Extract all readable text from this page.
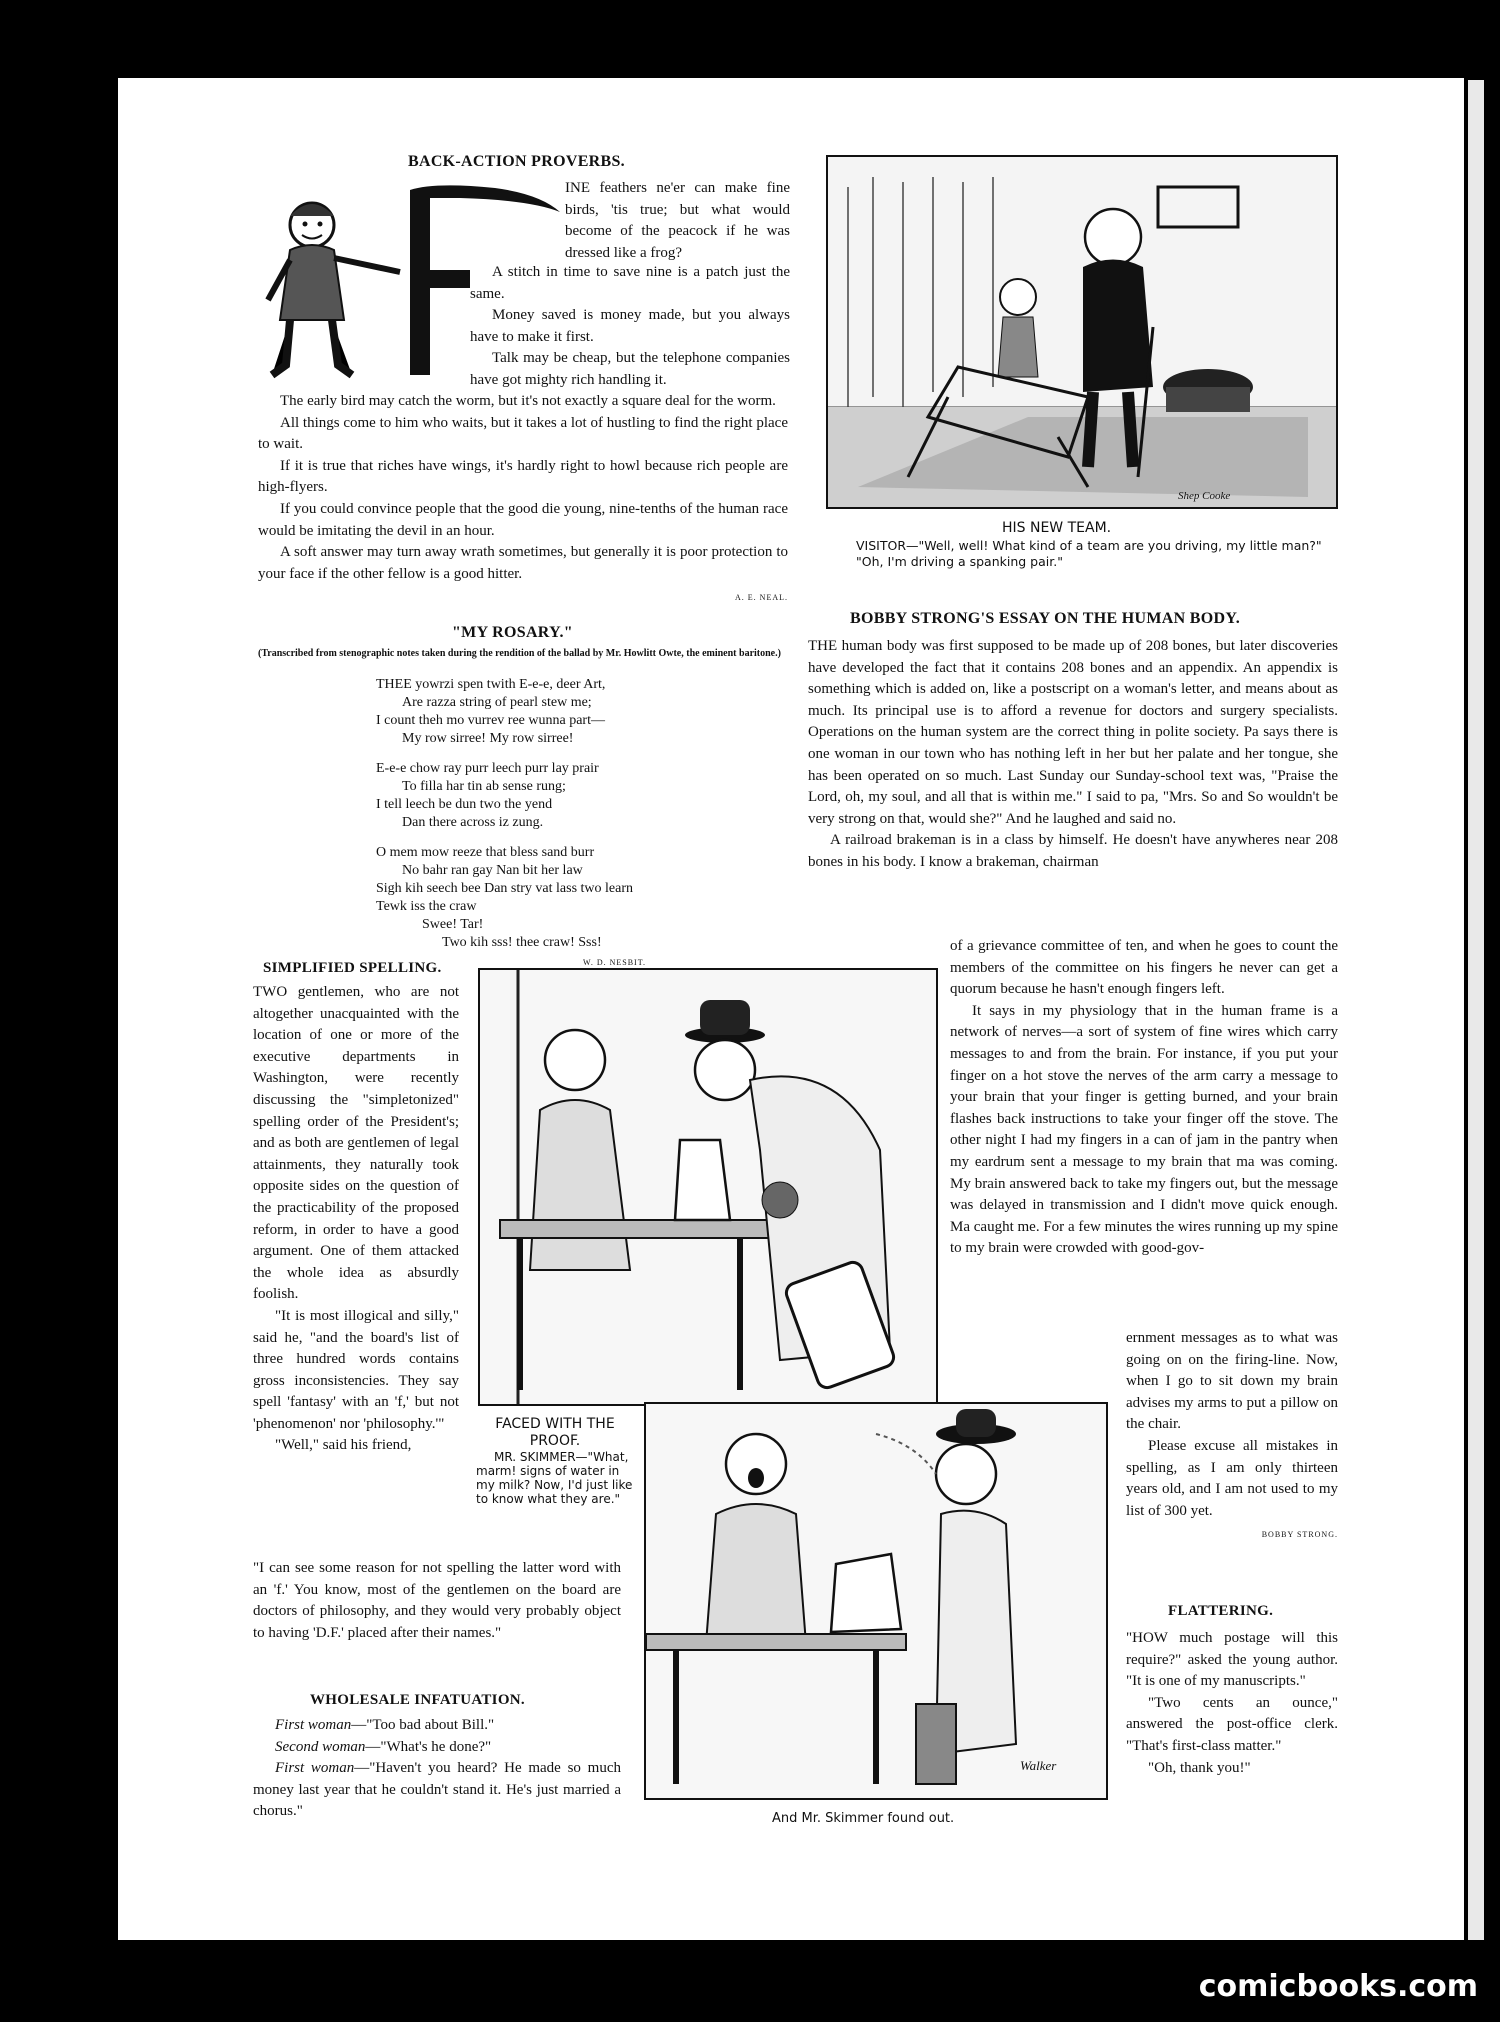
BACK-ACTION PROVERBS.

INE feathers ne'er can make fine birds, 'tis true; but what would become of the peacock if he was dressed like a frog?

A stitch in time to save nine is a patch just the same.

Money saved is money made, but you always have to make it first.

Talk may be cheap, but the telephone companies have got mighty rich handling it.

The early bird may catch the worm, but it's not exactly a square deal for the worm.

All things come to him who waits, but it takes a lot of hustling to find the right place to wait.

If it is true that riches have wings, it's hardly right to howl because rich people are high-flyers.

If you could convince people that the good die young, nine-tenths of the human race would be imitating the devil in an hour.

A soft answer may turn away wrath sometimes, but generally it is poor protection to your face if the other fellow is a good hitter.

A. E. NEAL.
"MY ROSARY."
(Transcribed from stenographic notes taken during the rendition of the ballad by Mr. Howlitt Owte, the eminent baritone.)
THEE yowrzi spen twith E-e-e, deer Art,
Are razza string of pearl stew me;
I count theh mo vurrev ree wunna part—
My row sirree! My row sirree!
E-e-e chow ray purr leech purr lay prair
To filla har tin ab sense rung;
I tell leech be dun two the yend
Dan there across iz zung.
O mem mow reeze that bless sand burr
No bahr ran gay Nan bit her law
Sigh kih seech bee Dan stry vat lass two learn
Tewk iss the craw
Swee! Tar!
Two kih sss! thee craw! Sss!
W. D. NESBIT.
Shep Cooke
HIS NEW TEAM.
VISITOR—"Well, well! What kind of a team are you driving, my little man?"
"Oh, I'm driving a spanking pair."
BOBBY STRONG'S ESSAY ON THE HUMAN BODY.

THE human body was first supposed to be made up of 208 bones, but later discoveries have developed the fact that it contains 208 bones and an appendix. An appendix is something which is added on, like a postscript on a woman's letter, and means about as much. Its principal use is to afford a revenue for doctors and surgery specialists. Operations on the human system are the correct thing in polite society. Pa says there is one woman in our town who has nothing left in her but her palate and her tongue, she has been operated on so much. Last Sunday our Sunday-school text was, "Praise the Lord, oh, my soul, and all that is within me." I said to pa, "Mrs. So and So wouldn't be very strong on that, would she?" And he laughed and said no.

A railroad brakeman is in a class by himself. He doesn't have anywheres near 208 bones in his body. I know a brakeman, chairman

of a grievance committee of ten, and when he goes to count the members of the committee on his fingers he never can get a quorum because he hasn't enough fingers left.

It says in my physiology that in the human frame is a network of nerves—a sort of system of fine wires which carry messages to and from the brain. For instance, if you put your finger on a hot stove the nerves of the arm carry a message to your brain that your finger is getting burned, and your brain flashes back instructions to take your finger off the stove. The other night I had my fingers in a can of jam in the pantry when my eardrum sent a message to my brain that ma was coming. My brain answered back to take my fingers out, but the message was delayed in transmission and I didn't move quick enough. Ma caught me. For a few minutes the wires running up my spine to my brain were crowded with good-gov-

ernment messages as to what was going on on the firing-line. Now, when I go to sit down my brain advises my arms to put a pillow on the chair.

Please excuse all mistakes in spelling, as I am only thirteen years old, and I am not used to my list of 300 yet.

BOBBY STRONG.
SIMPLIFIED SPELLING.

TWO gentlemen, who are not altogether unacquainted with the location of one or more of the executive departments in Washington, were recently discussing the "simpletonized" spelling order of the President's; and as both are gentlemen of legal attainments, they naturally took opposite sides on the question of the practicability of the proposed reform, in order to have a good argument. One of them attacked the whole idea as absurdly foolish.

"It is most illogical and silly," said he, "and the board's list of three hundred words contains gross inconsistencies. They say spell 'fantasy' with an 'f,' but not 'phenomenon' nor 'philosophy.'"

"Well," said his friend,

"I can see some reason for not spelling the latter word with an 'f.' You know, most of the gentlemen on the board are doctors of philosophy, and they would very probably object to having 'D.F.' placed after their names."

FACED WITH THE PROOF.
MR. SKIMMER—"What, marm! signs of water in my milk? Now, I'd just like to know what they are."
Walker
And Mr. Skimmer found out.
WHOLESALE INFATUATION.

First woman—"Too bad about Bill."

Second woman—"What's he done?"

First woman—"Haven't you heard? He made so much money last year that he couldn't stand it. He's just married a chorus."

FLATTERING.

"HOW much postage will this require?" asked the young author. "It is one of my manuscripts."

"Two cents an ounce," answered the post-office clerk. "That's first-class matter."

"Oh, thank you!"

comicbooks.com
